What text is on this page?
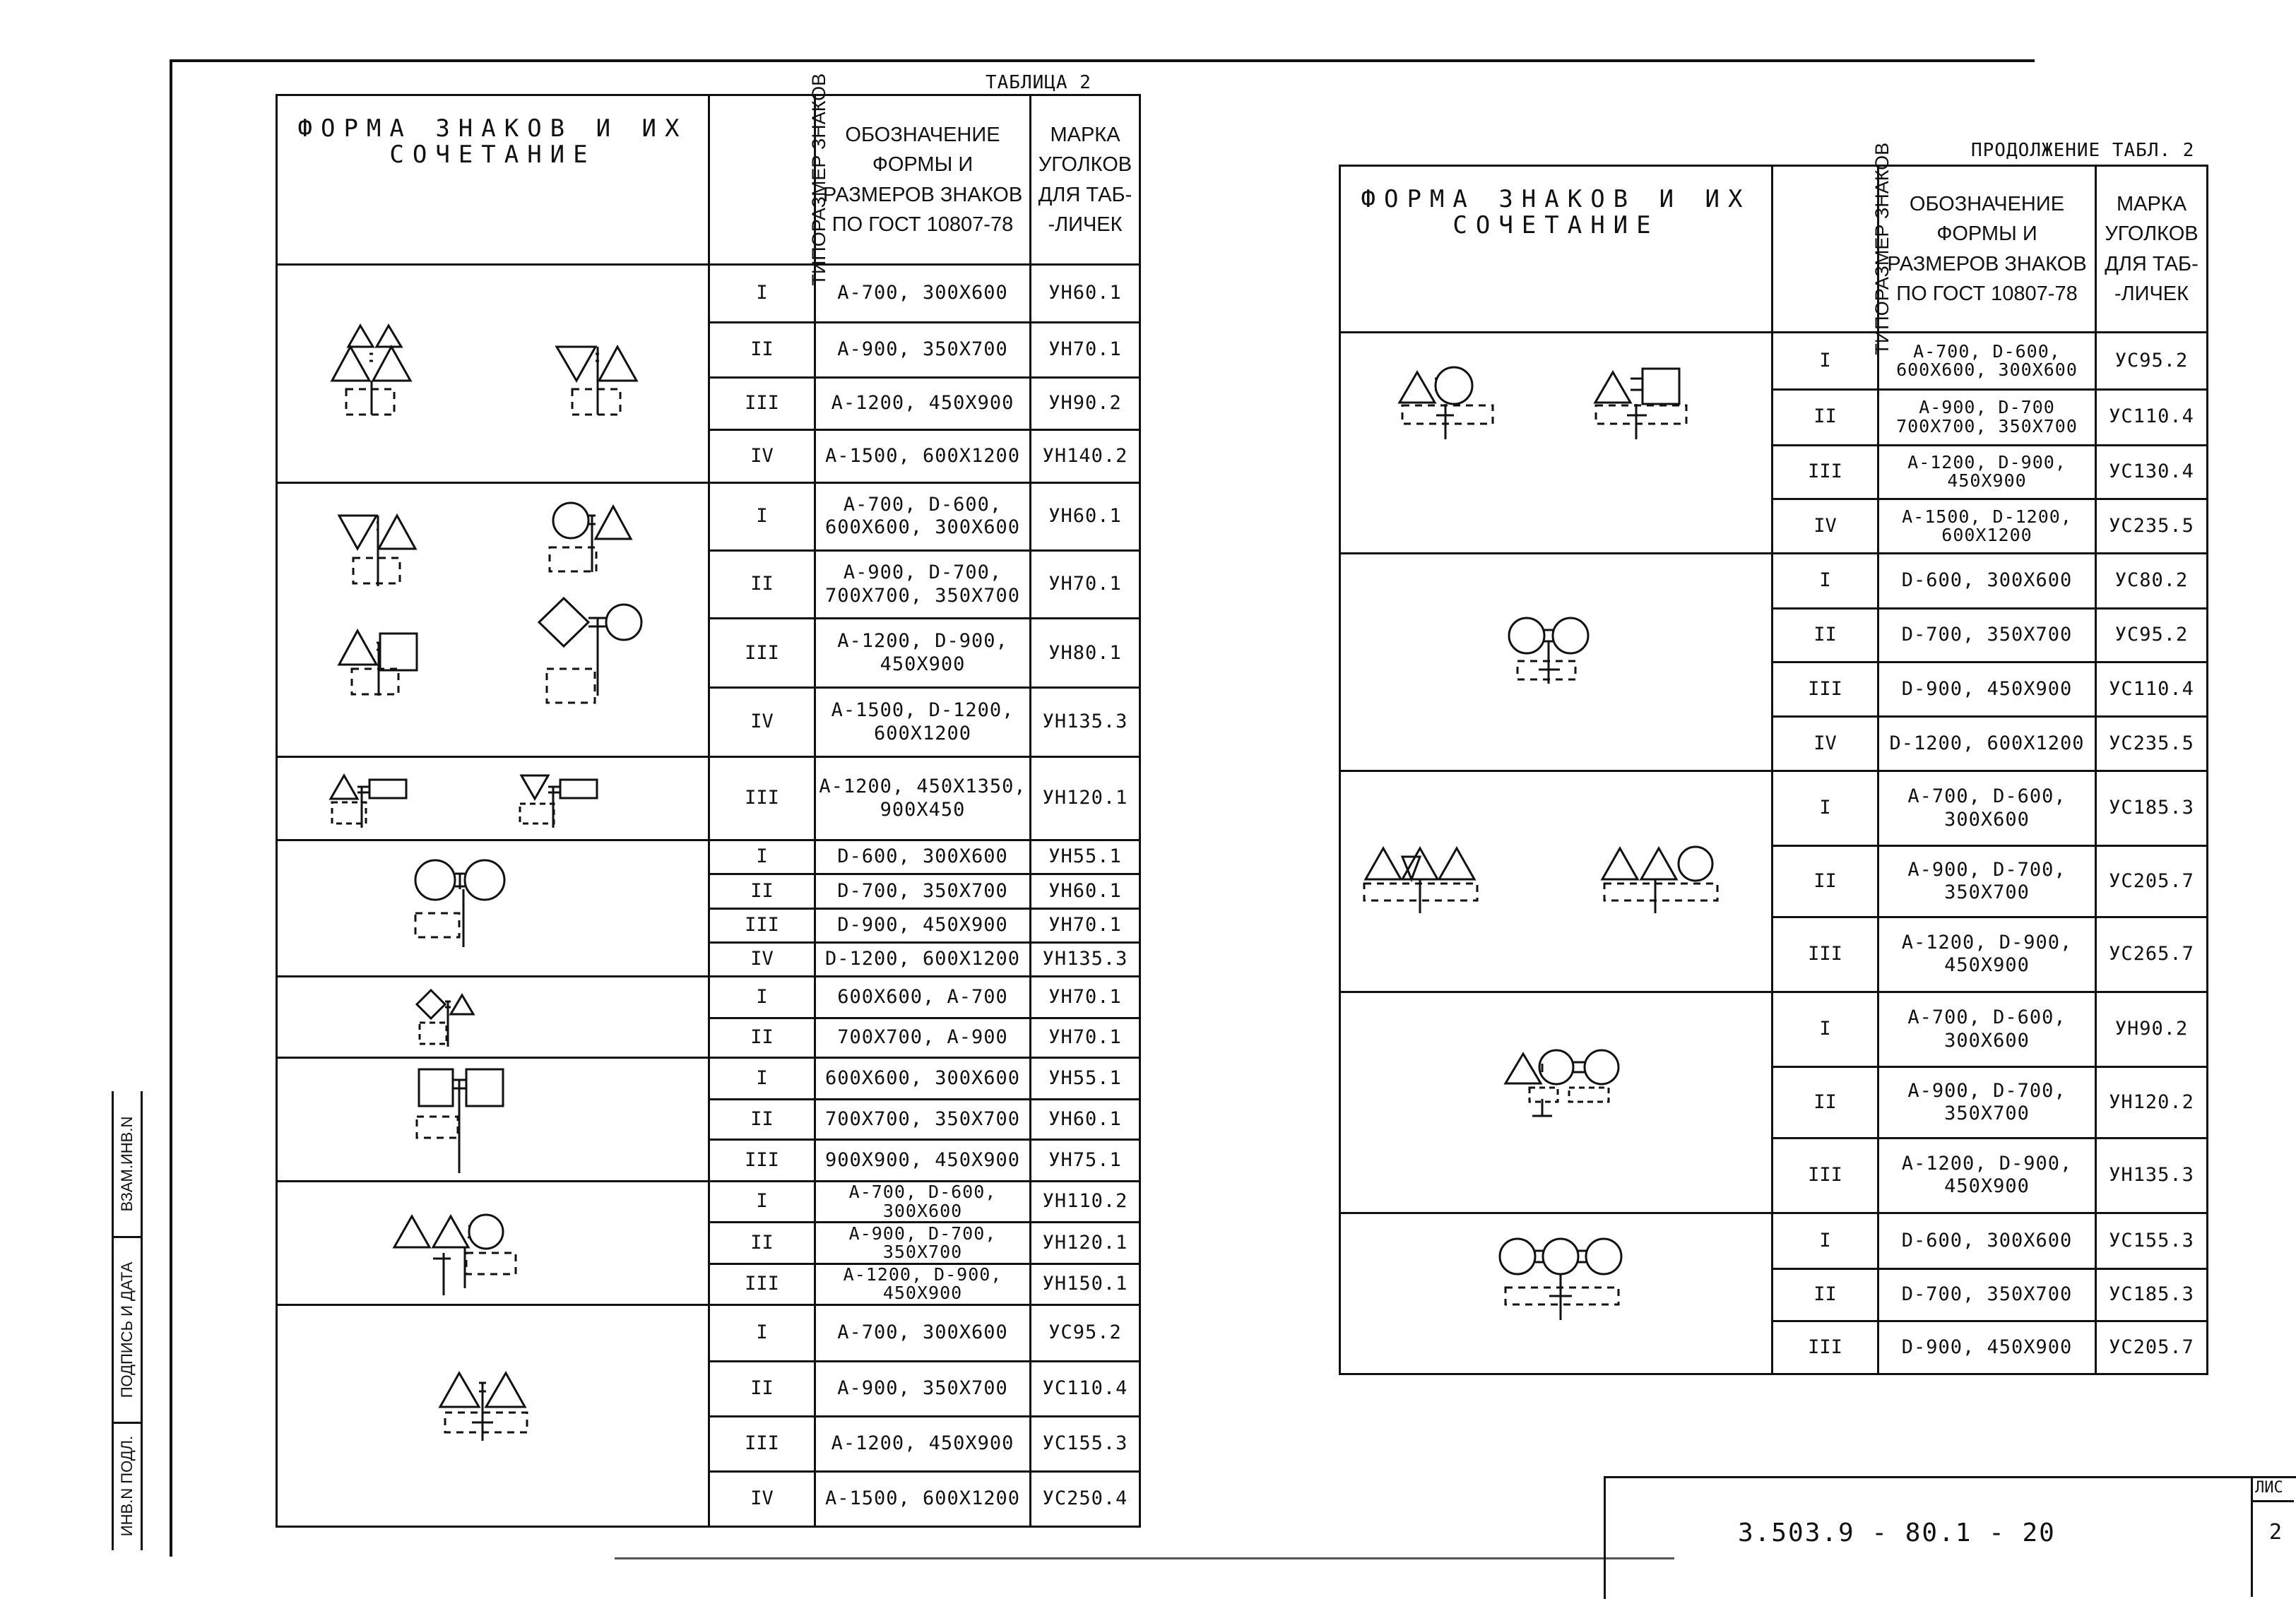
ТАБЛИЦА 2
ПРОДОЛЖЕНИЕ ТАБЛ. 2
ФОРМА ЗНАКОВ И ИХ СОЧЕТАНИЕ	ТИПОРАЗМЕР ЗНАКОВ	ОБОЗНАЧЕНИЕ ФОРМЫ И РАЗМЕРОВ ЗНАКОВ ПО ГОСТ 10807-78	МАРКА УГОЛКОВ ДЛЯ ТАБ- -ЛИЧЕК

	I	А-700, 300Х600	УН60.1
	II	А-900, 350Х700	УН70.1
	III	А-1200, 450Х900	УН90.2
	IV	А-1500, 600Х1200	УН140.2

	I	А-700, D-600, 600Х600, 300Х600	УН60.1
	II	А-900, D-700, 700Х700, 350Х700	УН70.1
	III	А-1200, D-900, 450Х900	УН80.1
	IV	А-1500, D-1200, 600Х1200	УН135.3

	III	А-1200, 450Х1350, 900Х450	УН120.1

	I	D-600, 300Х600	УН55.1
	II	D-700, 350Х700	УН60.1
	III	D-900, 450Х900	УН70.1
	IV	D-1200, 600Х1200	УН135.3

	I	600Х600, А-700	УН70.1
	II	700Х700, А-900	УН70.1

	I	600Х600, 300Х600	УН55.1
	II	700Х700, 350Х700	УН60.1
	III	900Х900, 450Х900	УН75.1

	I	А-700, D-600, 300Х600	УН110.2
	II	А-900, D-700, 350Х700	УН120.1
	III	А-1200, D-900, 450Х900	УН150.1

	I	А-700, 300Х600	УС95.2
	II	А-900, 350Х700	УС110.4
	III	А-1200, 450Х900	УС155.3
	IV	А-1500, 600Х1200	УС250.4
ФОРМА ЗНАКОВ И ИХ СОЧЕТАНИЕ	ТИПОРАЗМЕР ЗНАКОВ	ОБОЗНАЧЕНИЕ ФОРМЫ И РАЗМЕРОВ ЗНАКОВ ПО ГОСТ 10807-78	МАРКА УГОЛКОВ ДЛЯ ТАБ- -ЛИЧЕК

	I	А-700, D-600, 600Х600, 300Х600	УС95.2
	II	А-900, D-700 700Х700, 350Х700	УС110.4
	III	А-1200, D-900, 450Х900	УС130.4
	IV	А-1500, D-1200, 600Х1200	УС235.5

	I	D-600, 300Х600	УС80.2
	II	D-700, 350Х700	УС95.2
	III	D-900, 450Х900	УС110.4
	IV	D-1200, 600Х1200	УС235.5

	I	А-700, D-600, 300Х600	УС185.3
	II	А-900, D-700, 350Х700	УС205.7
	III	А-1200, D-900, 450Х900	УС265.7

	I	А-700, D-600, 300Х600	УН90.2
	II	А-900, D-700, 350Х700	УН120.2
	III	А-1200, D-900, 450Х900	УН135.3

	I	D-600, 300Х600	УС155.3
	II	D-700, 350Х700	УС185.3
	III	D-900, 450Х900	УС205.7
ВЗАМ.ИНВ.N
ПОДПИСЬ И ДАТА
ИНВ.N ПОДЛ.	3.503.9 - 80.1 - 20
ЛИС
2
